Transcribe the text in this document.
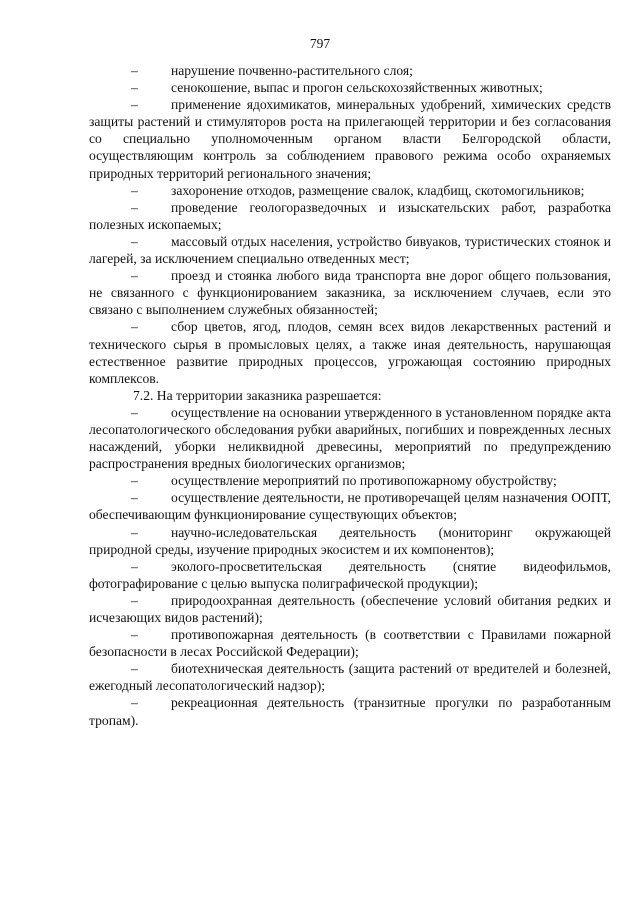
797

– нарушение почвенно-растительного слоя;

– сенокошение, выпас и прогон сельскохозяйственных животных;

– применение ядохимикатов, минеральных удобрений, химических средств защиты растений и стимуляторов роста на прилегающей территории и без согласования со специально уполномоченным органом власти Белгородской области, осуществляющим контроль за соблюдением правового режима особо охраняемых природных территорий регионального значения;

– захоронение отходов, размещение свалок, кладбищ, скотомогильников;

– проведение геологоразведочных и изыскательских работ, разработка полезных ископаемых;

– массовый отдых населения, устройство бивуаков, туристических стоянок и лагерей, за исключением специально отведенных мест;

– проезд и стоянка любого вида транспорта вне дорог общего пользования, не связанного с функционированием заказника, за исключением случаев, если это связано с выполнением служебных обязанностей;

– сбор цветов, ягод, плодов, семян всех видов лекарственных растений и технического сырья в промысловых целях, а также иная деятельность, нарушающая естественное развитие природных процессов, угрожающая состоянию природных комплексов.

7.2. На территории заказника разрешается:

– осуществление на основании утвержденного в установленном порядке акта лесопатологического обследования рубки аварийных, погибших и поврежденных лесных насаждений, уборки неликвидной древесины, мероприятий по предупреждению распространения вредных биологических организмов;

– осуществление мероприятий по противопожарному обустройству;

– осуществление деятельности, не противоречащей целям назначения ООПТ, обеспечивающим функционирование существующих объектов;

– научно-иследовательская деятельность (мониторинг окружающей природной среды, изучение природных экосистем и их компонентов);

– эколого-просветительская деятельность (снятие видеофильмов, фотографирование с целью выпуска полиграфической продукции);

– природоохранная деятельность (обеспечение условий обитания редких и исчезающих видов растений);

– противопожарная деятельность (в соответствии с Правилами пожарной безопасности в лесах Российской Федерации);

– биотехническая деятельность (защита растений от вредителей и болезней, ежегодный лесопатологический надзор);

– рекреационная деятельность (транзитные прогулки по разработанным тропам).
